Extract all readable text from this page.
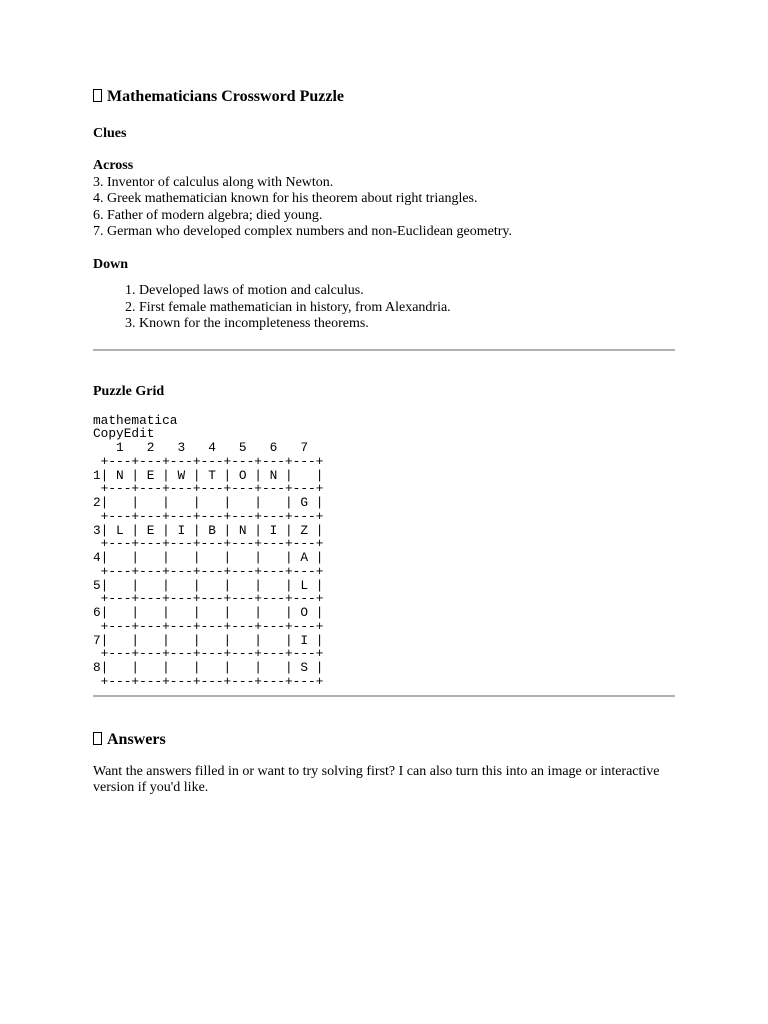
Mathematicians Crossword Puzzle
Clues

Across

3. Inventor of calculus along with Newton.

4. Greek mathematician known for his theorem about right triangles.

6. Father of modern algebra; died young.

7. German who developed complex numbers and non-Euclidean geometry.

Down

1. Developed laws of motion and calculus.
2. First female mathematician in history, from Alexandria.
3. Known for the incompleteness theorems.
Puzzle Grid
mathematica
CopyEdit
1   2   3   4   5   6   7
+---+---+---+---+---+---+---+
1| N | E | W | T | O | N |   |
+---+---+---+---+---+---+---+
2|   |   |   |   |   |   | G |
+---+---+---+---+---+---+---+
3| L | E | I | B | N | I | Z |
+---+---+---+---+---+---+---+
4|   |   |   |   |   |   | A |
+---+---+---+---+---+---+---+
5|   |   |   |   |   |   | L |
+---+---+---+---+---+---+---+
6|   |   |   |   |   |   | O |
+---+---+---+---+---+---+---+
7|   |   |   |   |   |   | I |
+---+---+---+---+---+---+---+
8|   |   |   |   |   |   | S |
+---+---+---+---+---+---+---+
Answers

Want the answers filled in or want to try solving first? I can also turn this into an image or interactive version if you'd like.
